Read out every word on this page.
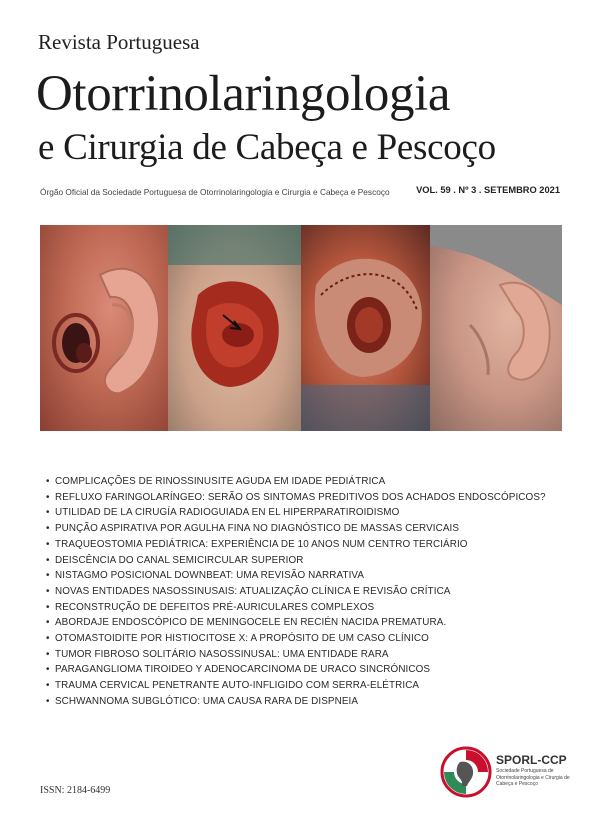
Revista Portuguesa
Otorrinolaringologia
e Cirurgia de Cabeça e Pescoço
Órgão Oficial da Sociedade Portuguesa de Otorrinolaringologia e Cirurgia e Cabeça e Pescoço	VOL. 59 . Nº 3 . SETEMBRO 2021
• COMPLICAÇÕES DE RINOSSINUSITE AGUDA EM IDADE PEDIÁTRICA
• REFLUXO FARINGOLARÍNGEO: SERÃO OS SINTOMAS PREDITIVOS DOS ACHADOS ENDOSCÓPICOS?
• UTILIDAD DE LA CIRUGÍA RADIOGUIADA EN EL HIPERPARATIROIDISMO
• PUNÇÃO ASPIRATIVA POR AGULHA FINA NO DIAGNÓSTICO DE MASSAS CERVICAIS
• TRAQUEOSTOMIA PEDIÁTRICA: EXPERIÊNCIA DE 10 ANOS NUM CENTRO TERCIÁRIO
• DEISCÊNCIA DO CANAL SEMICIRCULAR SUPERIOR
• NISTAGMO POSICIONAL DOWNBEAT: UMA REVISÃO NARRATIVA
• NOVAS ENTIDADES NASOSSINUSAIS: ATUALIZAÇÃO CLÍNICA E REVISÃO CRÍTICA
• RECONSTRUÇÃO DE DEFEITOS PRÉ-AURICULARES COMPLEXOS
• ABORDAJE ENDOSCÓPICO DE MENINGOCELE EN RECIÉN NACIDA PREMATURA.
• OTOMASTOIDITE POR HISTIOCITOSE X: A PROPÓSITO DE UM CASO CLÍNICO
• TUMOR FIBROSO SOLITÁRIO NASOSSINUSAL: UMA ENTIDADE RARA
• PARAGANGLIOMA TIROIDEO Y ADENOCARCINOMA DE URACO SINCRÓNICOS
• TRAUMA CERVICAL PENETRANTE AUTO-INFLIGIDO COM SERRA-ELÉTRICA
• SCHWANNOMA SUBGLÓTICO: UMA CAUSA RARA DE DISPNEIA
ISSN: 2184-6499
SPORL-CCP
Sociedade Portuguesa de Otorrinolaringologia e Cirurgia de Cabeça e Pescoço
